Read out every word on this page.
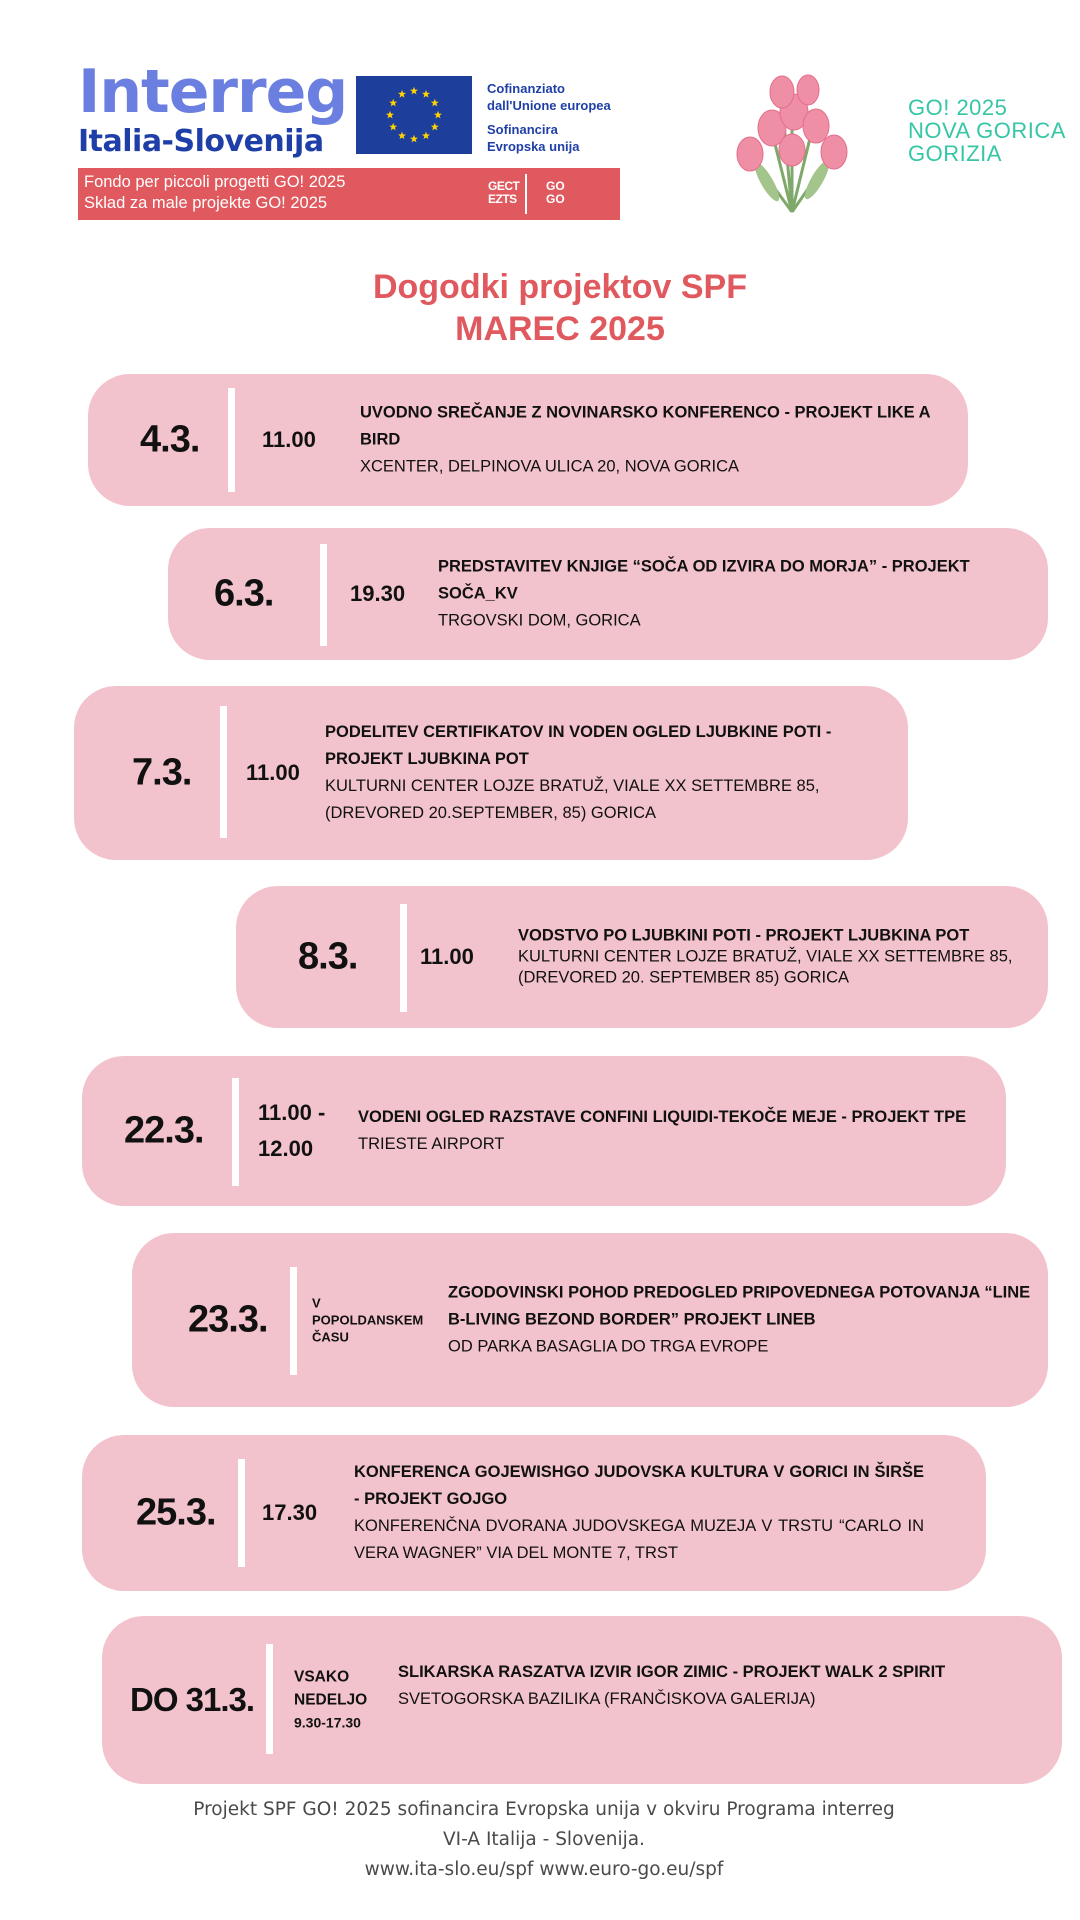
Interreg
Italia-Slovenija
Cofinanziato
dall'Unione europea
Sofinancira
Evropska unija
Fondo per piccoli progetti GO! 2025
Sklad za male projekte GO! 2025
GECT
EZTS
GO
GO
GO! 2025
NOVA GORICA
GORIZIA
Dogodki projektov SPF
MAREC 2025
4.3.	11.00
UVODNO SREČANJE Z NOVINARSKO KONFERENCO - PROJEKT LIKE A BIRD
XCENTER, DELPINOVA ULICA 20, NOVA GORICA
6.3.	19.30
PREDSTAVITEV KNJIGE “SOČA OD IZVIRA DO MORJA” - PROJEKT SOČA_KV
TRGOVSKI DOM, GORICA
7.3. 11.00
PODELITEV CERTIFIKATOV IN VODEN OGLED LJUBKINE POTI - PROJEKT LJUBKINA POT
KULTURNI CENTER LOJZE BRATUŽ, VIALE XX SETTEMBRE 85, (DREVORED 20.SEPTEMBER, 85) GORICA
8.3.	11.00
VODSTVO PO LJUBKINI POTI - PROJEKT LJUBKINA POT
KULTURNI CENTER LOJZE BRATUŽ, VIALE XX SETTEMBRE 85, (DREVORED 20. SEPTEMBER 85) GORICA
22.3. 11.00 -
12.00
VODENI OGLED RAZSTAVE CONFINI LIQUIDI-TEKOČE MEJE - PROJEKT TPE
TRIESTE AIRPORT
23.3.	V
POPOLDANSKEM
ČASU
ZGODOVINSKI POHOD PREDOGLED PRIPOVEDNEGA POTOVANJA “LINE B-LIVING BEZOND BORDER” PROJEKT LINEB
OD PARKA BASAGLIA DO TRGA EVROPE
25.3. 17.30
KONFERENCA GOJEWISHGO JUDOVSKA KULTURA V GORICI IN ŠIRŠE - PROJEKT GOJGO
KONFERENČNA DVORANA JUDOVSKEGA MUZEJA V TRSTU “CARLO IN VERA WAGNER” VIA DEL MONTE 7, TRST
DO 31.3.
VSAKO
NEDELJO
9.30-17.30
SLIKARSKA RASZATVA IZVIR IGOR ZIMIC - PROJEKT WALK 2 SPIRIT
SVETOGORSKA BAZILIKA (FRANČISKOVA GALERIJA)
Projekt SPF GO! 2025 sofinancira Evropska unija v okviru Programa interreg
VI-A Italija - Slovenija.
www.ita-slo.eu/spf www.euro-go.eu/spf
